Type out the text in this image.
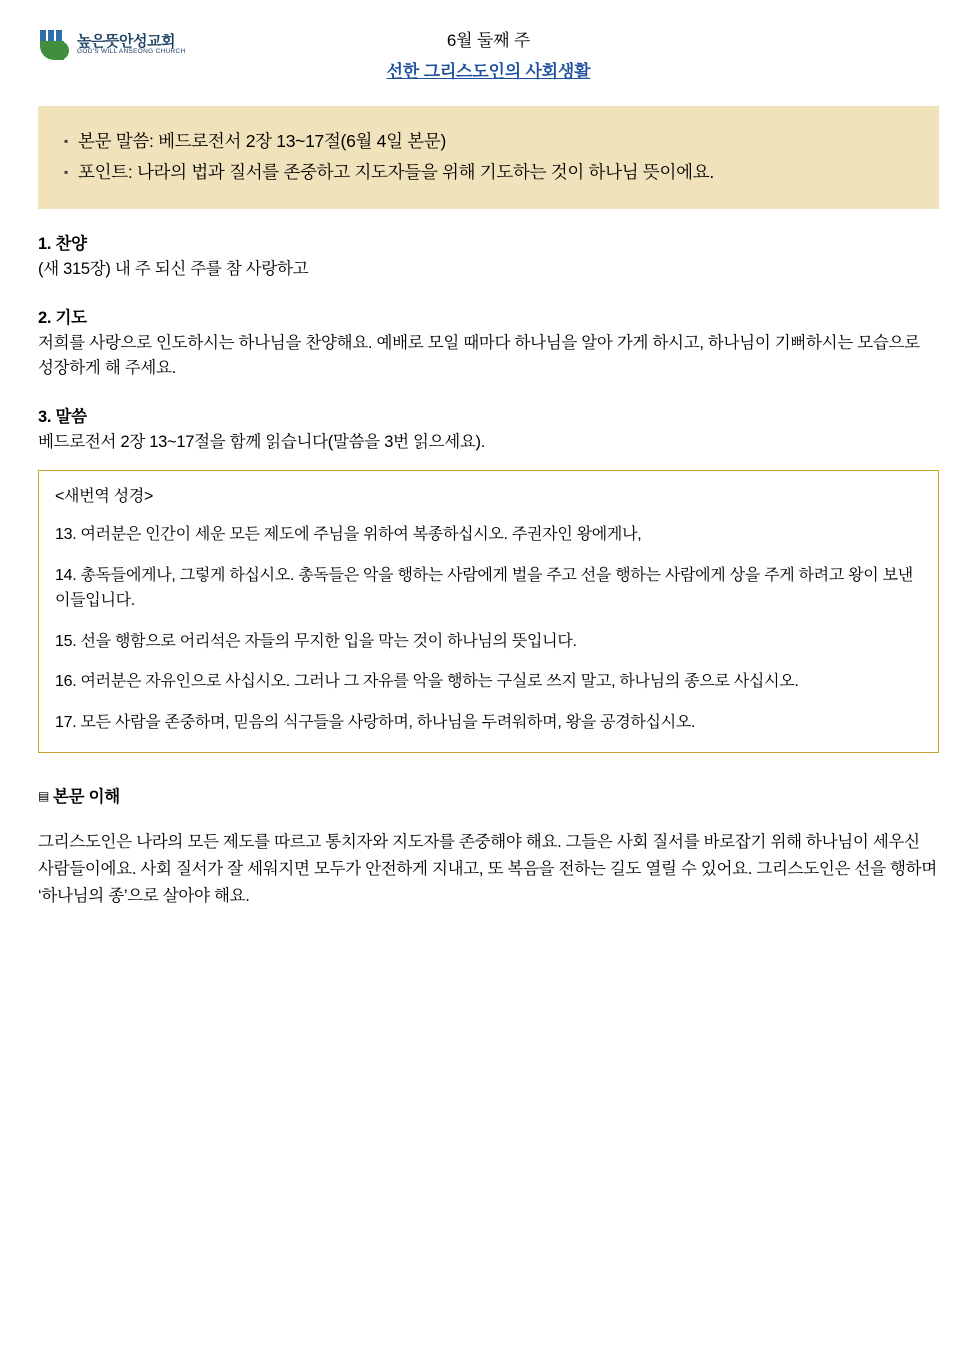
높은뜻안성교회
GOD'S WILL ANSEONG CHURCH
6월 둘째 주
선한 그리스도인의 사회생활
▪ 본문 말씀: 베드로전서 2장 13~17절(6월 4일 본문)
▪ 포인트: 나라의 법과 질서를 존중하고 지도자들을 위해 기도하는 것이 하나님 뜻이에요.
1. 찬양
(새 315장) 내 주 되신 주를 참 사랑하고
2. 기도
저희를 사랑으로 인도하시는 하나님을 찬양해요. 예배로 모일 때마다 하나님을 알아 가게 하시고, 하나님이 기뻐하시는 모습으로 성장하게 해 주세요.
3. 말씀
베드로전서 2장 13~17절을 함께 읽습니다(말씀을 3번 읽으세요).
<새번역 성경>
13. 여러분은 인간이 세운 모든 제도에 주님을 위하여 복종하십시오. 주권자인 왕에게나,
14. 총독들에게나, 그렇게 하십시오. 총독들은 악을 행하는 사람에게 벌을 주고 선을 행하는 사람에게 상을 주게 하려고 왕이 보낸 이들입니다.
15. 선을 행함으로 어리석은 자들의 무지한 입을 막는 것이 하나님의 뜻입니다.
16. 여러분은 자유인으로 사십시오. 그러나 그 자유를 악을 행하는 구실로 쓰지 말고, 하나님의 종으로 사십시오.
17. 모든 사람을 존중하며, 믿음의 식구들을 사랑하며, 하나님을 두려워하며, 왕을 공경하십시오.
▤ 본문 이해
그리스도인은 나라의 모든 제도를 따르고 통치자와 지도자를 존중해야 해요. 그들은 사회 질서를 바로잡기 위해 하나님이 세우신 사람들이에요. 사회 질서가 잘 세워지면 모두가 안전하게 지내고, 또 복음을 전하는 길도 열릴 수 있어요. 그리스도인은 선을 행하며 ‘하나님의 종’으로 살아야 해요.
